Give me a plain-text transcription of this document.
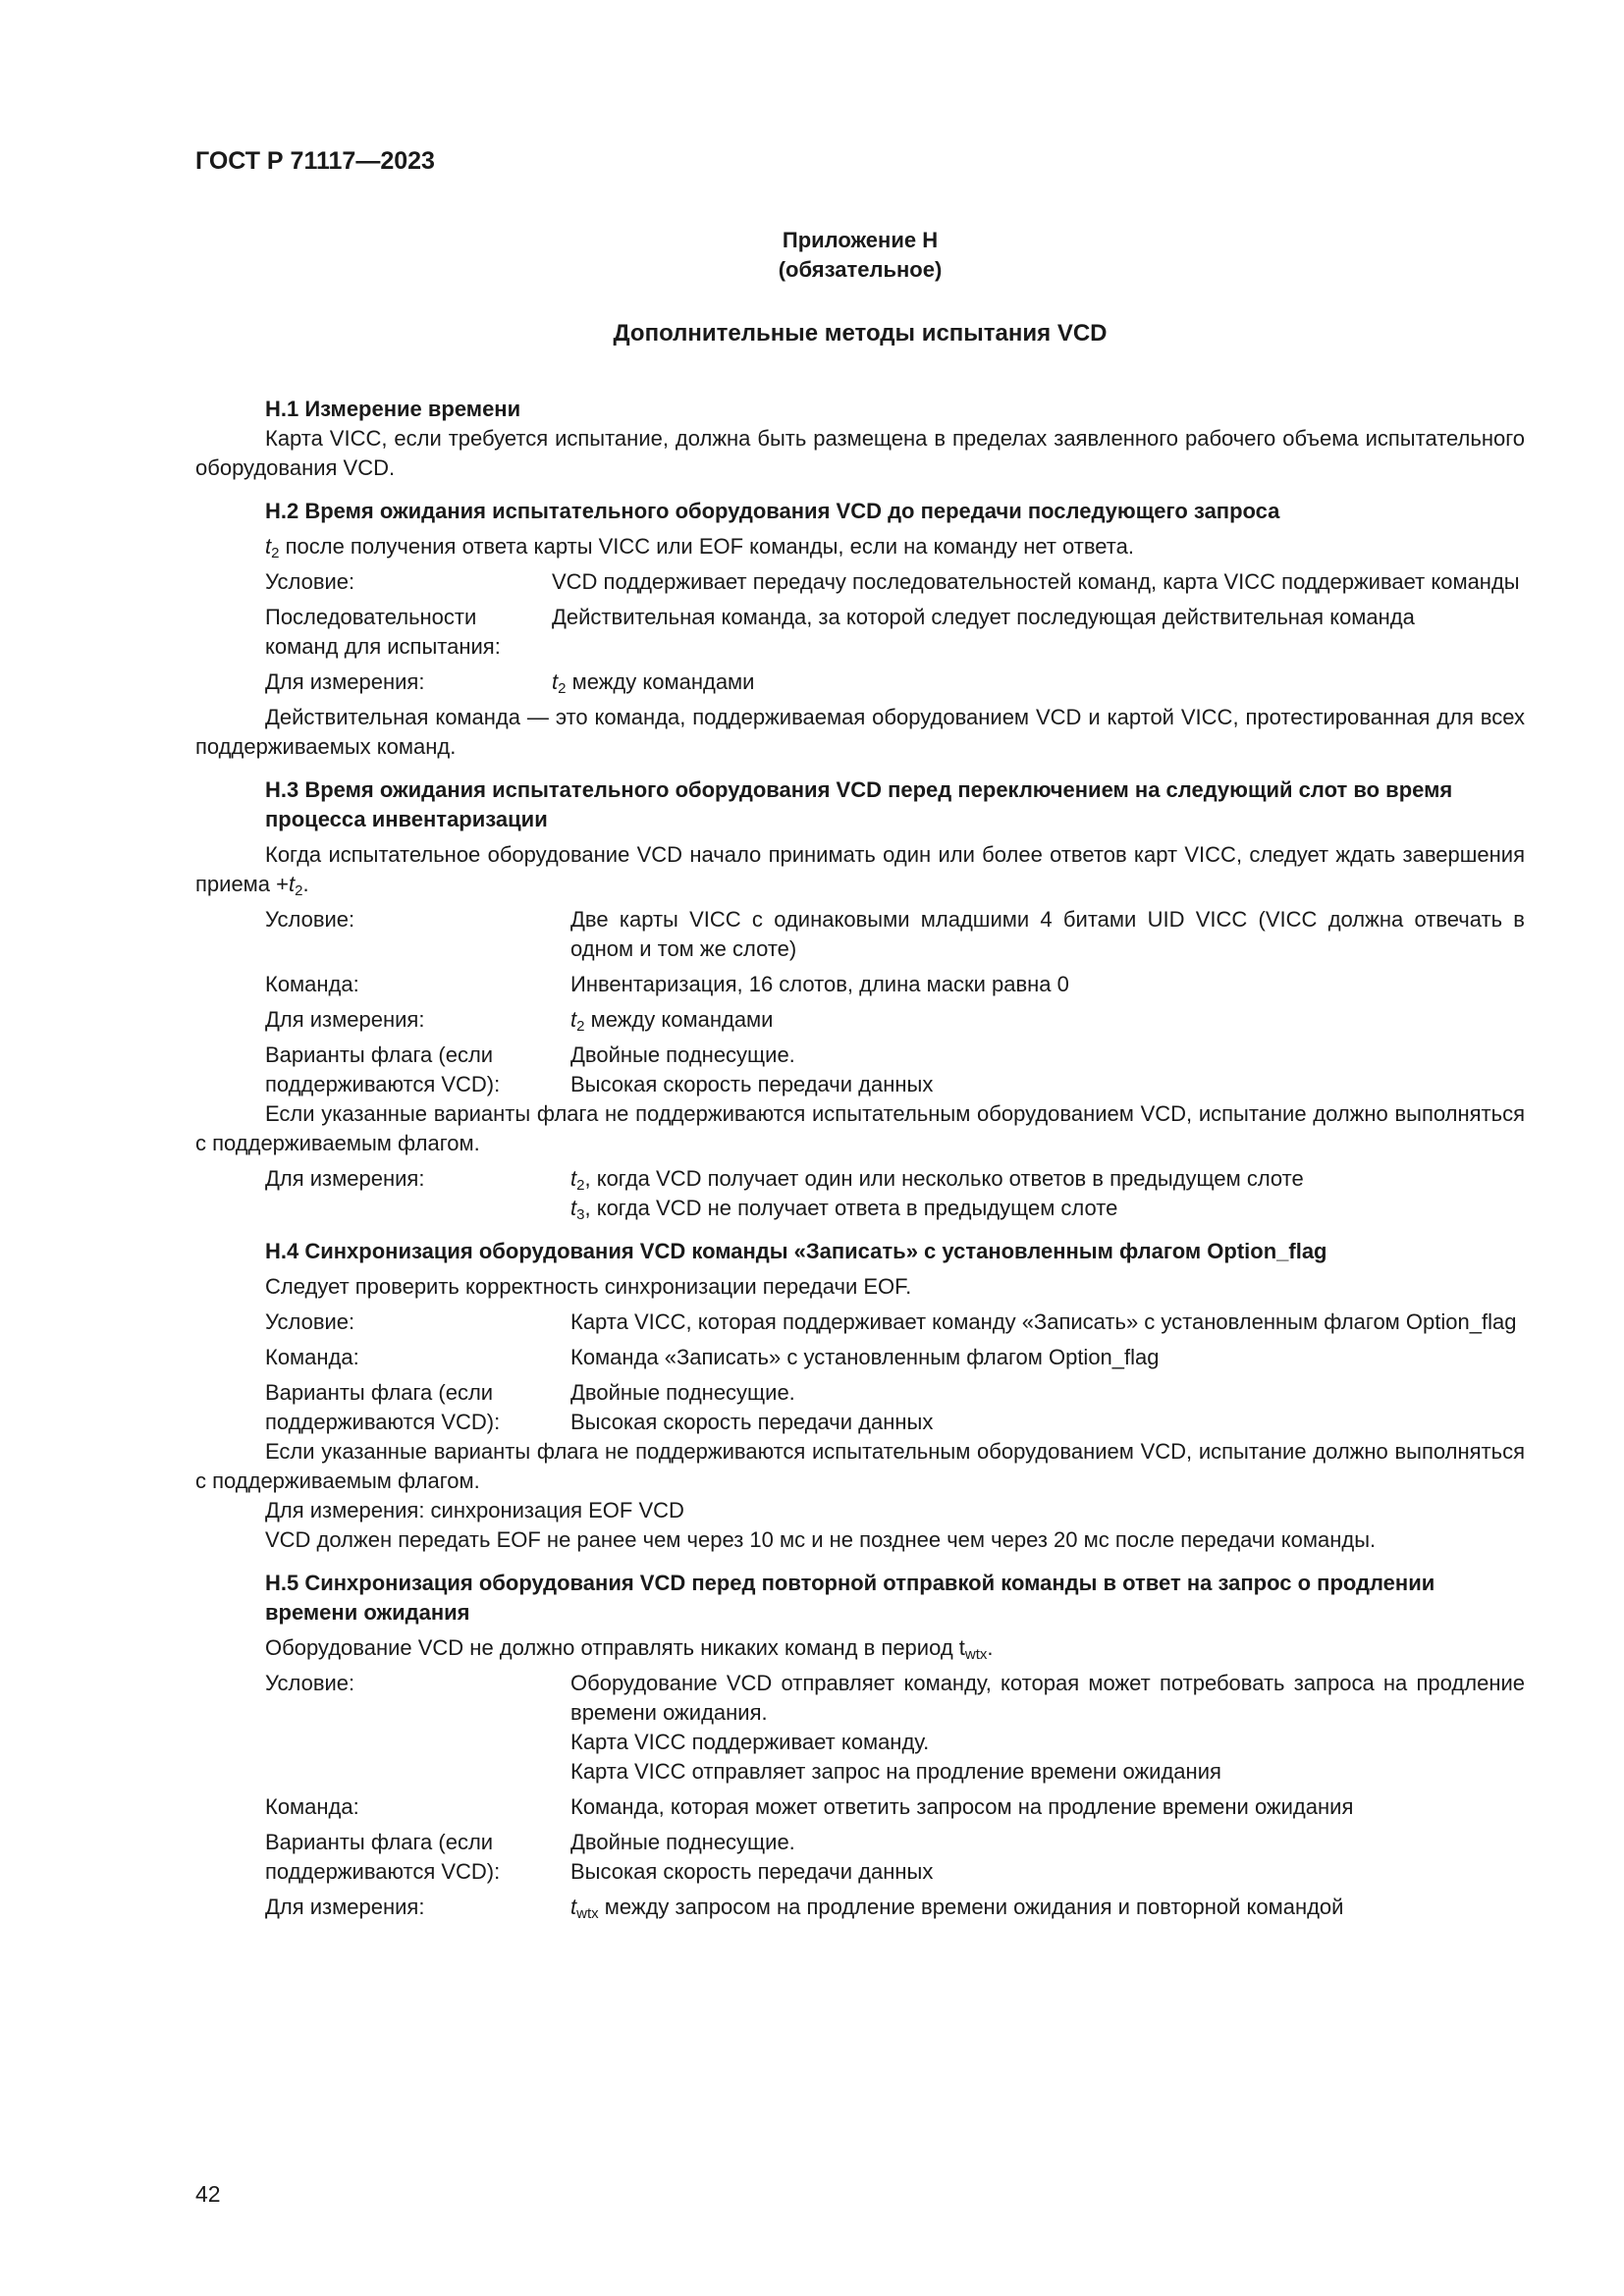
ГОСТ Р 71117—2023
Приложение Н
(обязательное)
Дополнительные методы испытания VCD

Н.1 Измерение времени

Карта VICC, если требуется испытание, должна быть размещена в пределах заявленного рабочего объема испытательного оборудования VCD.

Н.2 Время ожидания испытательного оборудования VCD до передачи последующего запроса

$t_2$ после получения ответа карты VICC или EOF команды, если на команду нет ответа.

Условие:	VCD поддерживает передачу последовательностей команд, карта VICC поддерживает команды
Последовательности команд для испытания:
Действительная команда, за которой следует последующая действительная команда
Для измерения:	$t_2$ между командами

Действительная команда — это команда, поддерживаемая оборудованием VCD и картой VICC, протестированная для всех поддерживаемых команд.

Н.3 Время ожидания испытательного оборудования VCD перед переключением на следующий слот во время процесса инвентаризации

Когда испытательное оборудование VCD начало принимать один или более ответов карт VICC, следует ждать завершения приема $+t_2$.

Условие:	Две карты VICC с одинаковыми младшими 4 битами UID VICC (VICC должна отвечать в одном и том же слоте)
Команда:	Инвентаризация, 16 слотов, длина маски равна 0
Для измерения:	$t_2$ между командами
Варианты флага (если поддерживаются VCD):
Двойные поднесущие.
Высокая скорость передачи данных

Если указанные варианты флага не поддерживаются испытательным оборудованием VCD, испытание должно выполняться с поддерживаемым флагом.

Для измерения:	$t_2$, когда VCD получает один или несколько ответов в предыдущем слоте
$t_3$, когда VCD не получает ответа в предыдущем слоте

Н.4 Синхронизация оборудования VCD команды «Записать» с установленным флагом Option_flag

Следует проверить корректность синхронизации передачи EOF.

Условие:	Карта VICC, которая поддерживает команду «Записать» с установленным флагом Option_flag
Команда:	Команда «Записать» с установленным флагом Option_flag
Варианты флага (если поддерживаются VCD):
Двойные поднесущие.
Высокая скорость передачи данных

Если указанные варианты флага не поддерживаются испытательным оборудованием VCD, испытание должно выполняться с поддерживаемым флагом.

Для измерения: синхронизация EOF VCD

VCD должен передать EOF не ранее чем через 10 мс и не позднее чем через 20 мс после передачи команды.

Н.5 Синхронизация оборудования VCD перед повторной отправкой команды в ответ на запрос о продлении времени ожидания

Оборудование VCD не должно отправлять никаких команд в период $t_{wtx}$.

Условие:	Оборудование VCD отправляет команду, которая может потребовать запроса на продление времени ожидания.
Карта VICC поддерживает команду.
Карта VICC отправляет запрос на продление времени ожидания
Команда:	Команда, которая может ответить запросом на продление времени ожидания
Варианты флага (если поддерживаются VCD):
Двойные поднесущие.
Высокая скорость передачи данных
Для измерения:	$t_{wtx}$ между запросом на продление времени ожидания и повторной командой
42
